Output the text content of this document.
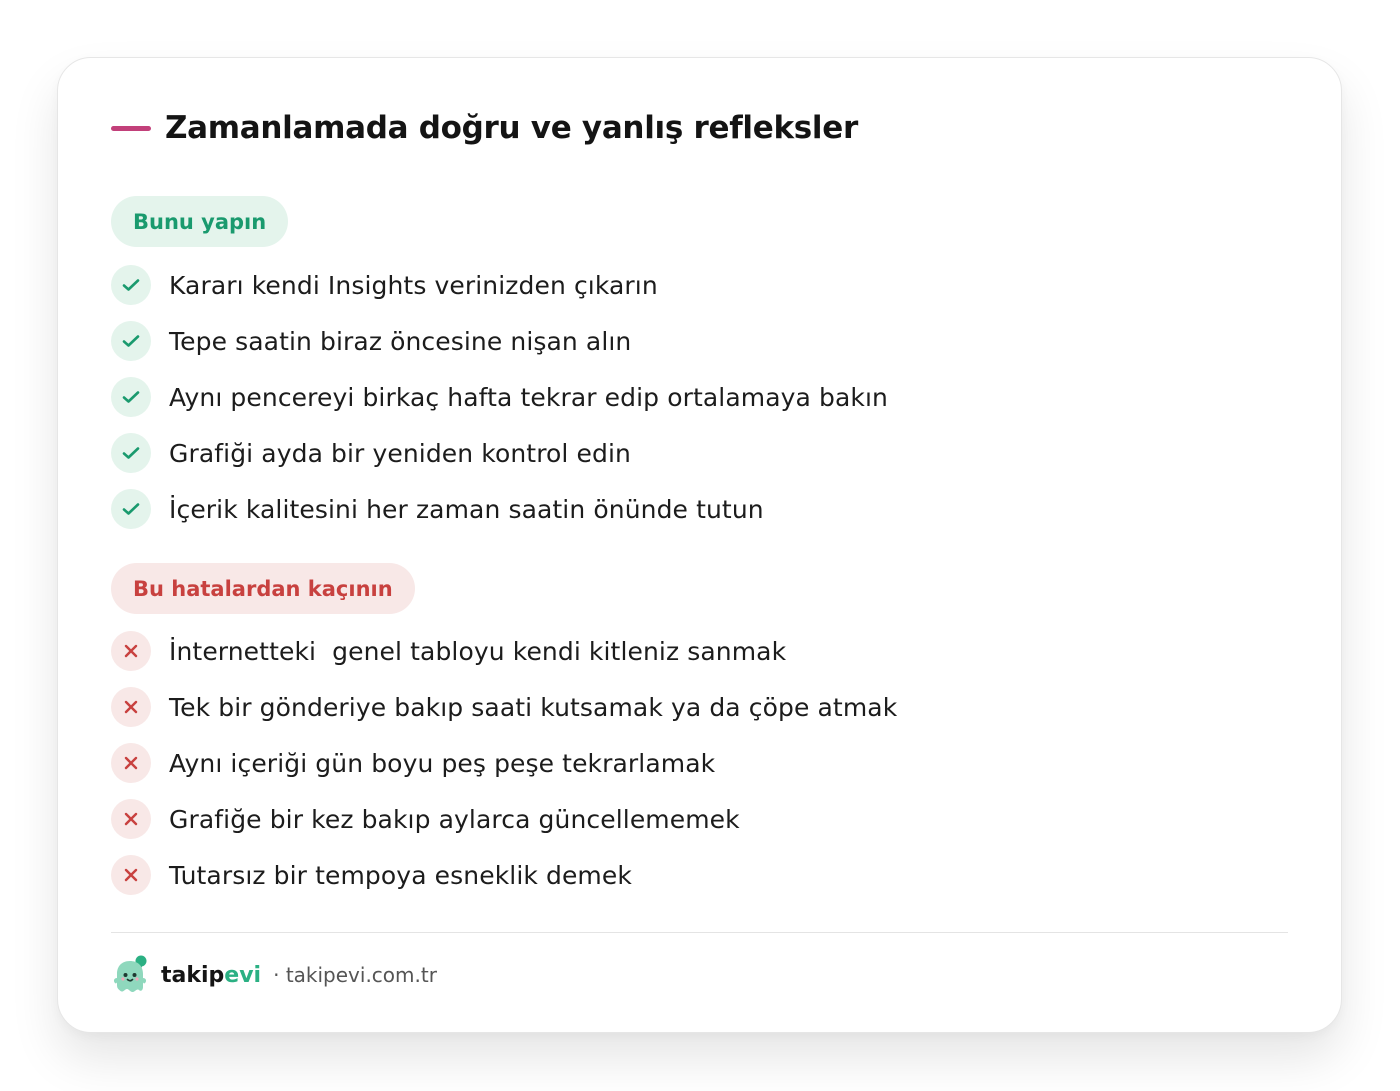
Zamanlamada doğru ve yanlış refleksler
Bunu yapın
Kararı kendi Insights verinizden çıkarın
Tepe saatin biraz öncesine nişan alın
Aynı pencereyi birkaç hafta tekrar edip ortalamaya bakın
Grafiği ayda bir yeniden kontrol edin
İçerik kalitesini her zaman saatin önünde tutun
Bu hatalardan kaçının
İnternetteki  genel tabloyu kendi kitleniz sanmak
Tek bir gönderiye bakıp saati kutsamak ya da çöpe atmak
Aynı içeriği gün boyu peş peşe tekrarlamak
Grafiğe bir kez bakıp aylarca güncellememek
Tutarsız bir tempoya esneklik demek
takipevi · takipevi.com.tr
